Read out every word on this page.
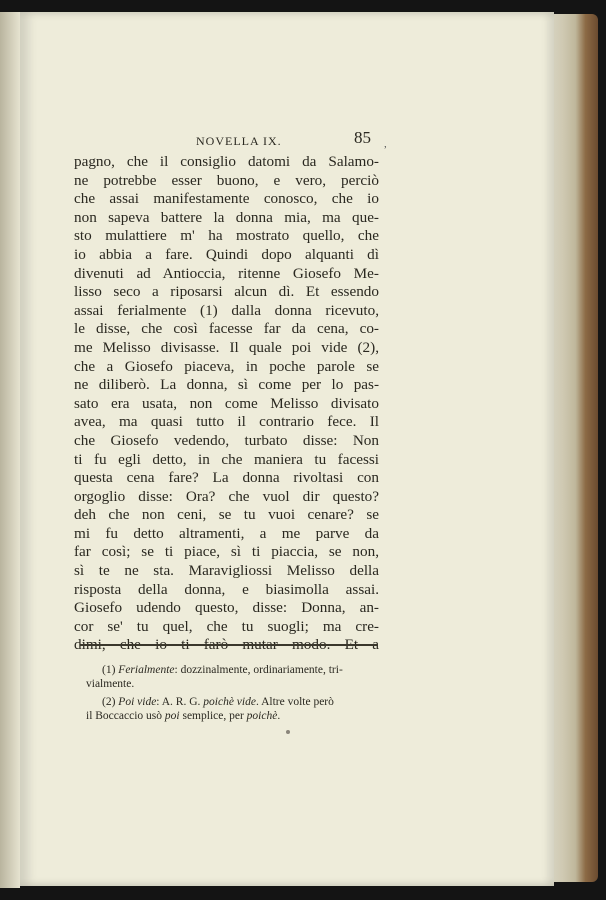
NOVELLA IX.	85 ,
pagno, che il consiglio datomi da Salamo-
ne potrebbe esser buono, e vero, perciò
che assai manifestamente conosco, che io
non sapeva battere la donna mia, ma que-
sto mulattiere m' ha mostrato quello, che
io abbia a fare. Quindi dopo alquanti dì
divenuti ad Antioccia, ritenne Giosefo Me-
lisso seco a riposarsi alcun dì. Et essendo
assai ferialmente (1) dalla donna ricevuto,
le disse, che così facesse far da cena, co-
me Melisso divisasse. Il quale poi vide (2),
che a Giosefo piaceva, in poche parole se
ne diliberò. La donna, sì come per lo pas-
sato era usata, non come Melisso divisato
avea, ma quasi tutto il contrario fece. Il
che Giosefo vedendo, turbato disse: Non
ti fu egli detto, in che maniera tu facessi
questa cena fare? La donna rivoltasi con
orgoglio disse: Ora? che vuol dir questo?
deh che non ceni, se tu vuoi cenare? se
mi fu detto altramenti, a me parve da
far così; se ti piace, sì ti piaccia, se non,
sì te ne sta. Maravigliossi Melisso della
risposta della donna, e biasimolla assai.
Giosefo udendo questo, disse: Donna, an-
cor se' tu quel, che tu suogli; ma cre-
dimi, che io ti farò mutar modo. Et a
(1) Ferialmente: dozzinalmente, ordinariamente, tri-
vialmente.
(2) Poi vide: A. R. G. poichè vide. Altre volte però
il Boccaccio usò poi semplice, per poichè.
